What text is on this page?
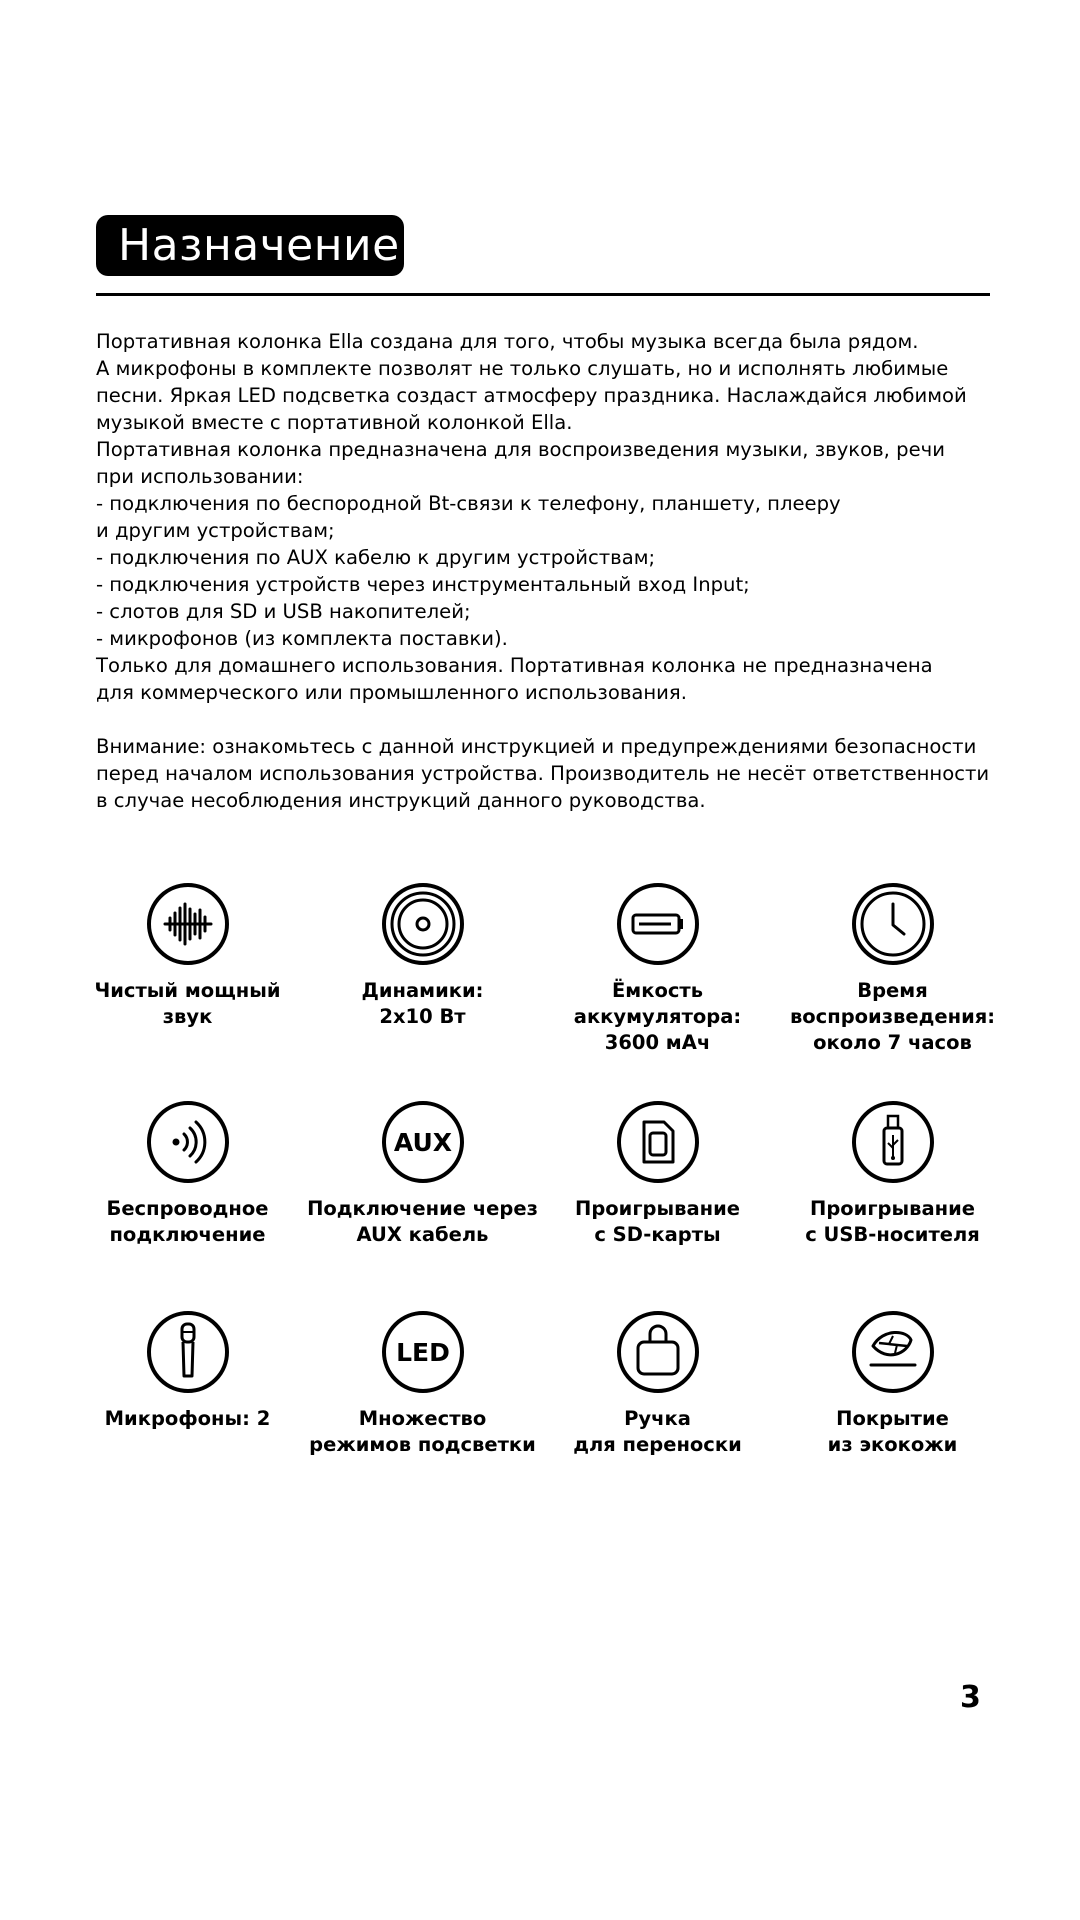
Назначение
Портативная колонка Ella создана для того, чтобы музыка всегда была рядом.
А микрофоны в комплекте позволят не только слушать, но и исполнять любимые
песни. Яркая LED подсветка создаст атмосферу праздника. Наслаждайся любимой
музыкой вместе с портативной колонкой Ella.
Портативная колонка предназначена для воспроизведения музыки, звуков, речи
при использовании:
- подключения по беспородной Bt-связи к телефону, планшету, плееру
и другим устройствам;
- подключения по AUX кабелю к другим устройствам;
- подключения устройств через инструментальный вход Input;
- слотов для SD и USB накопителей;
- микрофонов (из комплекта поставки).
Только для домашнего использования. Портативная колонка не предназначена
для коммерческого или промышленного использования.
Внимание: ознакомьтесь с данной инструкцией и предупреждениями безопасности
перед началом использования устройства. Производитель не несёт ответственности
в случае несоблюдения инструкций данного руководства.
Чистый мощный
звук
Динамики:
2x10 Вт
Ёмкость
аккумулятора:
3600 мАч
Время
воспроизведения:
около 7 часов
Беспроводное
подключение
AUX
Подключение через
AUX кабель
Проигрывание
с SD-карты
Проигрывание
с USB-носителя
Микрофоны: 2
LED
Множество
режимов подсветки
Ручка
для переноски
Покрытие
из экокожи
3
